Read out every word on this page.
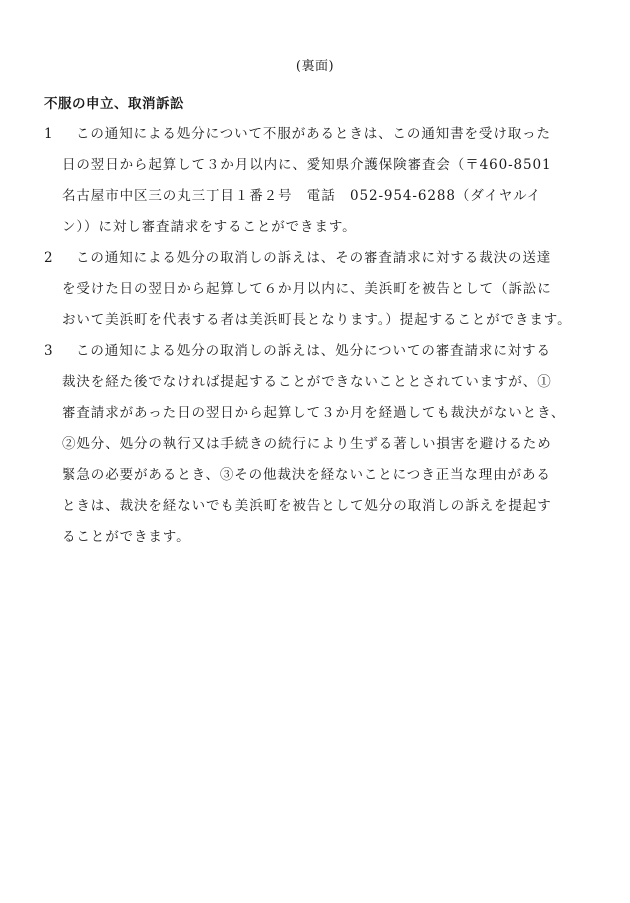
(裏面)
不服の申立、取消訴訟
1	この通知による処分について不服があるときは、この通知書を受け取った
日の翌日から起算して３か月以内に、愛知県介護保険審査会（〒460-8501
名古屋市中区三の丸三丁目１番２号　電話　052-954-6288（ダイヤルイ
ン））に対し審査請求をすることができます。
2	この通知による処分の取消しの訴えは、その審査請求に対する裁決の送達
を受けた日の翌日から起算して６か月以内に、美浜町を被告として（訴訟に
おいて美浜町を代表する者は美浜町長となります。）提起することができます。
3	この通知による処分の取消しの訴えは、処分についての審査請求に対する
裁決を経た後でなければ提起することができないこととされていますが、①
審査請求があった日の翌日から起算して３か月を経過しても裁決がないとき、
②処分、処分の執行又は手続きの続行により生ずる著しい損害を避けるため
緊急の必要があるとき、③その他裁決を経ないことにつき正当な理由がある
ときは、裁決を経ないでも美浜町を被告として処分の取消しの訴えを提起す
ることができます。
